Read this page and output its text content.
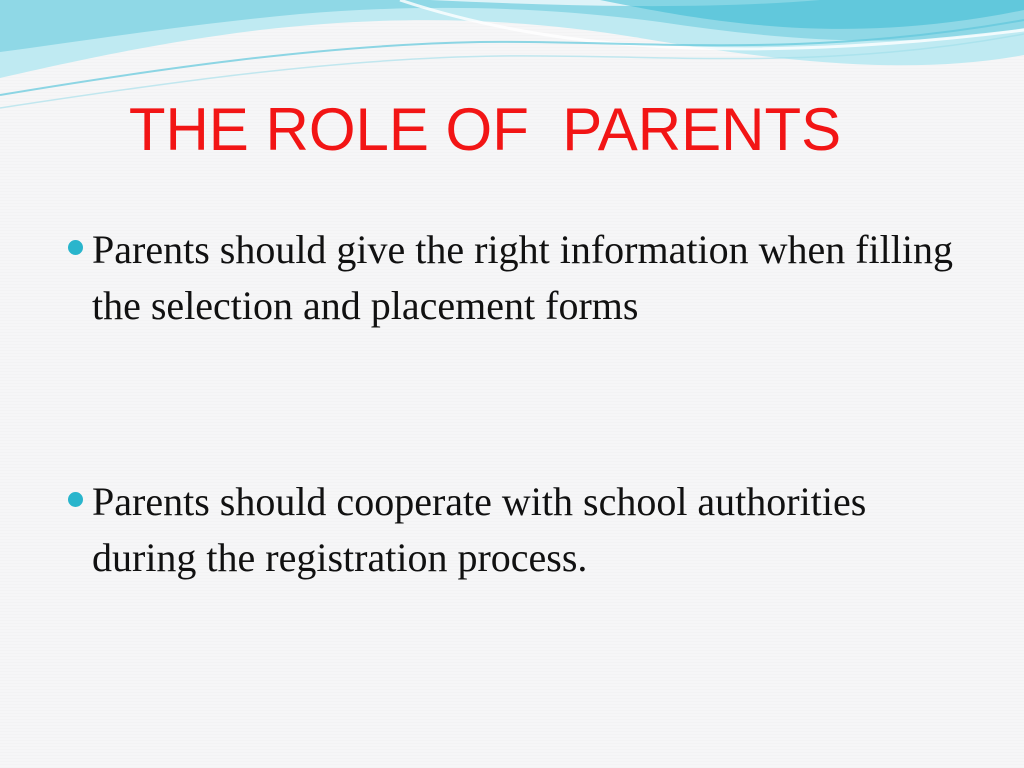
THE ROLE OF  PARENTS
Parents should give the right information when filling the selection and placement forms
Parents should cooperate with school authorities during the registration process.
